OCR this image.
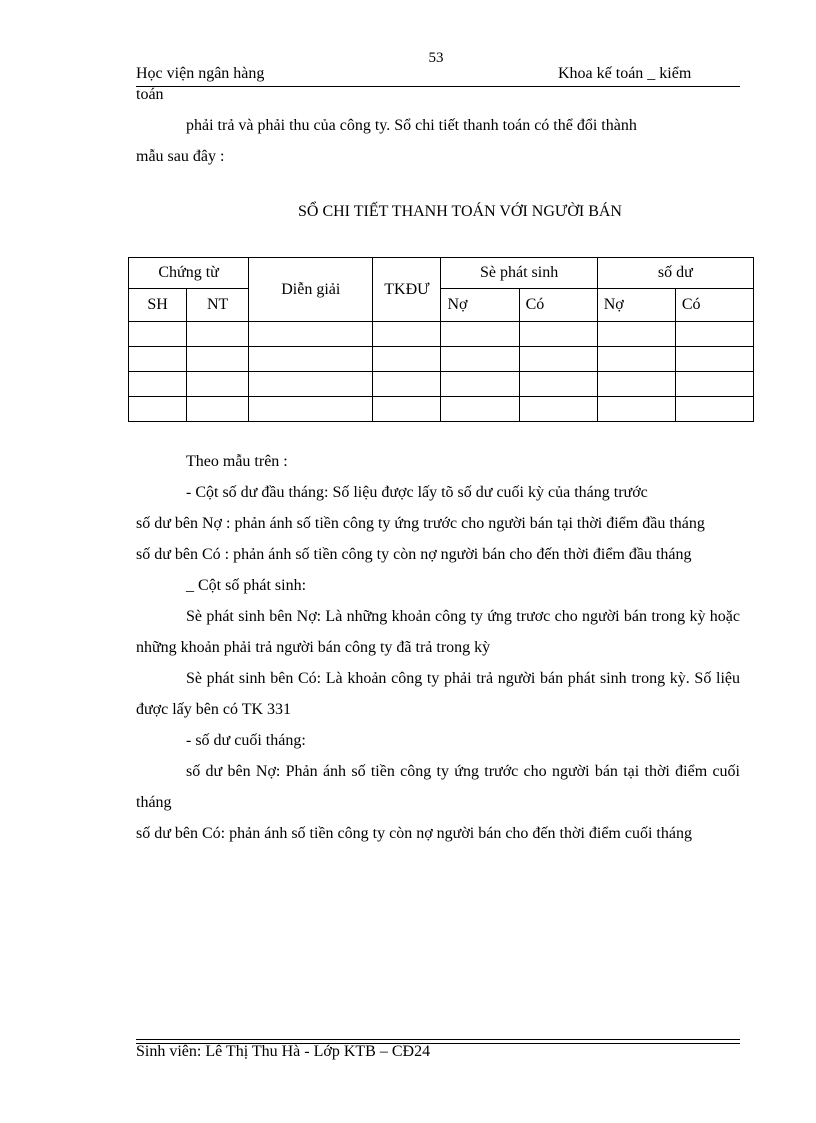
53
Học viện ngân hàng	Khoa kế toán _ kiểm
toán
phải trả và phải thu của công ty. Sổ chi tiết thanh toán có thể đổi thành
mẫu sau đây :
SỔ CHI TIẾT THANH TOÁN VỚI NGƯỜI BÁN
Chứng từ		Diễn giải	TKĐƯ	Sè phát sinh		số dư	
SH	NT			Nợ	Có	Nợ	Có

Theo mẫu trên :
- Cột số dư đầu tháng: Số liệu được lấy tõ số dư cuối kỳ của tháng trước
số dư bên Nợ : phản ánh số tiền công ty ứng trước cho người bán tại thời điểm đầu tháng
số dư bên Có : phản ánh số tiền công ty còn nợ người bán cho đến thời điểm đầu tháng
_ Cột số phát sinh:
Sè phát sinh bên Nợ: Là những khoản công ty ứng trươc cho người bán trong kỳ hoặc những khoản phải trả người bán công ty đã trả trong kỳ
Sè phát sinh bên Có: Là khoản công ty phải trả người bán phát sinh trong kỳ. Số liệu được lấy bên có TK 331
- số dư cuối tháng:
số dư bên Nợ: Phản ánh số tiền công ty ứng trước cho người bán tại thời điểm cuối tháng
số dư bên Có: phản ánh số tiền công ty còn nợ người bán cho đến thời điểm cuối tháng
Sinh viên: Lê Thị Thu Hà - Lớp KTB – CĐ24
